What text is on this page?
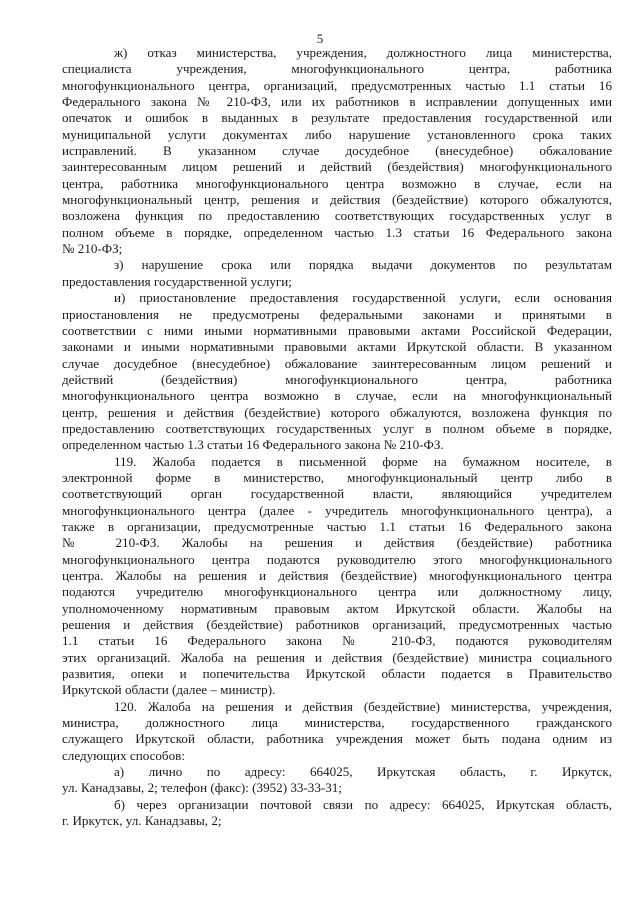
5
ж) отказ министерства, учреждения, должностного лица министерства,
специалиста учреждения, многофункционального центра, работника
многофункционального центра, организаций, предусмотренных частью 1.1 статьи 16
Федерального закона № 210-ФЗ, или их работников в исправлении допущенных ими
опечаток и ошибок в выданных в результате предоставления государственной или
муниципальной услуги документах либо нарушение установленного срока таких
исправлений. В указанном случае досудебное (внесудебное) обжалование
заинтересованным лицом решений и действий (бездействия) многофункционального
центра, работника многофункционального центра возможно в случае, если на
многофункциональный центр, решения и действия (бездействие) которого обжалуются,
возложена функция по предоставлению соответствующих государственных услуг в
полном объеме в порядке, определенном частью 1.3 статьи 16 Федерального закона
№ 210-ФЗ;
з) нарушение срока или порядка выдачи документов по результатам
предоставления государственной услуги;
и) приостановление предоставления государственной услуги, если основания
приостановления не предусмотрены федеральными законами и принятыми в
соответствии с ними иными нормативными правовыми актами Российской Федерации,
законами и иными нормативными правовыми актами Иркутской области. В указанном
случае досудебное (внесудебное) обжалование заинтересованным лицом решений и
действий (бездействия) многофункционального центра, работника
многофункционального центра возможно в случае, если на многофункциональный
центр, решения и действия (бездействие) которого обжалуются, возложена функция по
предоставлению соответствующих государственных услуг в полном объеме в порядке,
определенном частью 1.3 статьи 16 Федерального закона № 210-ФЗ.
119. Жалоба подается в письменной форме на бумажном носителе, в
электронной форме в министерство, многофункциональный центр либо в
соответствующий орган государственной власти, являющийся учредителем
многофункционального центра (далее - учредитель многофункционального центра), а
также в организации, предусмотренные частью 1.1 статьи 16 Федерального закона
№ 210-ФЗ. Жалобы на решения и действия (бездействие) работника
многофункционального центра подаются руководителю этого многофункционального
центра. Жалобы на решения и действия (бездействие) многофункционального центра
подаются учредителю многофункционального центра или должностному лицу,
уполномоченному нормативным правовым актом Иркутской области. Жалобы на
решения и действия (бездействие) работников организаций, предусмотренных частью
1.1 статьи 16 Федерального закона № 210-ФЗ, подаются руководителям
этих организаций. Жалоба на решения и действия (бездействие) министра социального
развития, опеки и попечительства Иркутской области подается в Правительство
Иркутской области (далее – министр).
120. Жалоба на решения и действия (бездействие) министерства, учреждения,
министра, должностного лица министерства, государственного гражданского
служащего Иркутской области, работника учреждения может быть подана одним из
следующих способов:
а) лично по адресу: 664025, Иркутская область, г. Иркутск,
ул. Канадзавы, 2; телефон (факс): (3952) 33-33-31;
б) через организации почтовой связи по адресу: 664025, Иркутская область,
г. Иркутск, ул. Канадзавы, 2;
